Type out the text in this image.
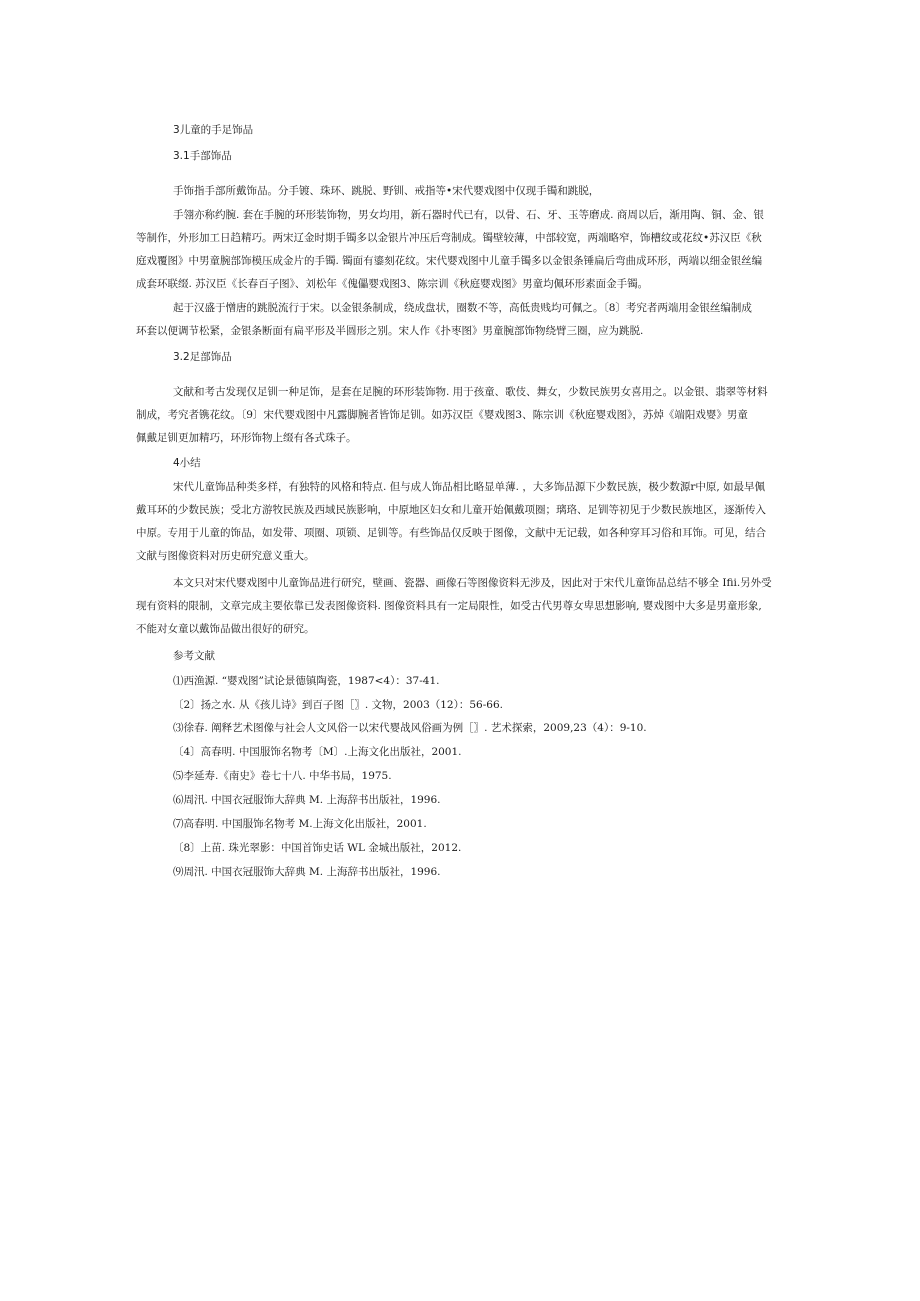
3儿童的手足饰品
3.1手部饰品
手饰指手部所戴饰品。分手镀、珠环、跳脱、野钏、戒指等•宋代婴戏图中仅现手镯和跳脱，
手翎亦称约腕. 套在手腕的环形装饰物，男女均用，新石器时代已有，以骨、石、牙、玉等磨成. 商周以后，渐用陶、铜、金、银
等制作，外形加工日趋精巧。两宋辽金时期手镯多以金银片冲压后弯制成。镯壁较薄，中部较宽，两端略窄，饰槽纹或花纹•苏汉臣《秋
庭戏覆图》中男童腕部饰模压成金片的手镯. 镯面有鎏刻花纹。宋代婴戏图中儿童手镯多以金银条锤扁后弯曲成环形，两端以细金银丝编
成套环联缀. 苏汉臣《长春百子图》、刘松年《傀儡婴戏图3、陈宗训《秋庭婴戏图》男童均佩环形素面金手镯。
起于汉盛于憎唐的跳脱流行于宋。以金银条制成，绕成盘状，圈数不等，高低贵贱均可佩之。〔8〕考究者两端用金银丝编制成
环套以便调节松紧，金银条断面有扁平形及半圆形之别。宋人作《扑枣图》男童腕部饰物绕臂三圈，应为跳脱.
3.2足部饰品
文献和考古发现仅足钏一种足饰，是套在足腕的环形装饰物. 用于孩童、歌伎、舞女，少数民族男女喜用之。以金银、翡翠等材料
制成，考究者镌花纹。〔9〕宋代婴戏图中凡露脚腕者皆饰足钏。如苏汉臣《婴戏图3、陈宗训《秋庭婴戏图》，苏焯《端阳戏婴》男童
佩戴足钏更加精巧，环形饰物上缀有各式珠子。
4小结
宋代儿童饰品种类多样，有独特的风格和特点. 但与成人饰品相比略显单薄. ，大多饰品源下少数民族，极少数源r中原, 如最早佩
戴耳环的少数民族；受北方游牧民族及西域民族影响，中原地区妇女和儿童开始佩戴项圈；璃珞、足钏等初见于少数民族地区，逐渐传入
中原。专用于儿童的饰品，如发带、项圈、项锁、足钏等。有些饰品仅反映于图像，文献中无记载，如各种穿耳习俗和耳饰。可见，结合
文献与图像资料对历史研究意义重大。
本文只对宋代婴戏图中儿童饰品进行研究，壁画、瓷器、画像石等图像资料无涉及，因此对于宋代儿童饰品总结不够全 Ifii.另外受
现有资料的限制，文章完成主要依靠已发表图像资料. 图像资料具有一定局限性，如受古代男尊女卑思想影响, 婴戏图中大多是男童形象,
不能对女童以戴饰品做出很好的研究。
参考文献
⑴西渔源. “婴戏图”试论景德镇陶瓷，1987<4）：37-41.
〔2〕扬之水. 从《孩儿诗》到百子图［〗. 文物，2003（12）：56-66.
⑶徐春. 阐释艺术图像与社会人文风俗一以宋代婴战风俗画为例［〗. 艺术探索，2009,23（4）：9-10.
〔4〕高春明. 中国服饰名物考〔M〕.上海文化出版社，2001.
⑸李延寿.《南史》卷七十八. 中华书局，1975.
⑹周汛. 中国衣冠服饰大辞典 M. 上海辞书出版社，1996.
⑺高春明. 中国服饰名物考 M.上海文化出版社，2001.
〔8〕上苗. 珠光翠影：中国首饰史话 WL 金城出版社，2012.
⑼周汛. 中国衣冠服饰大辞典 M. 上海辞书出版社，1996.
